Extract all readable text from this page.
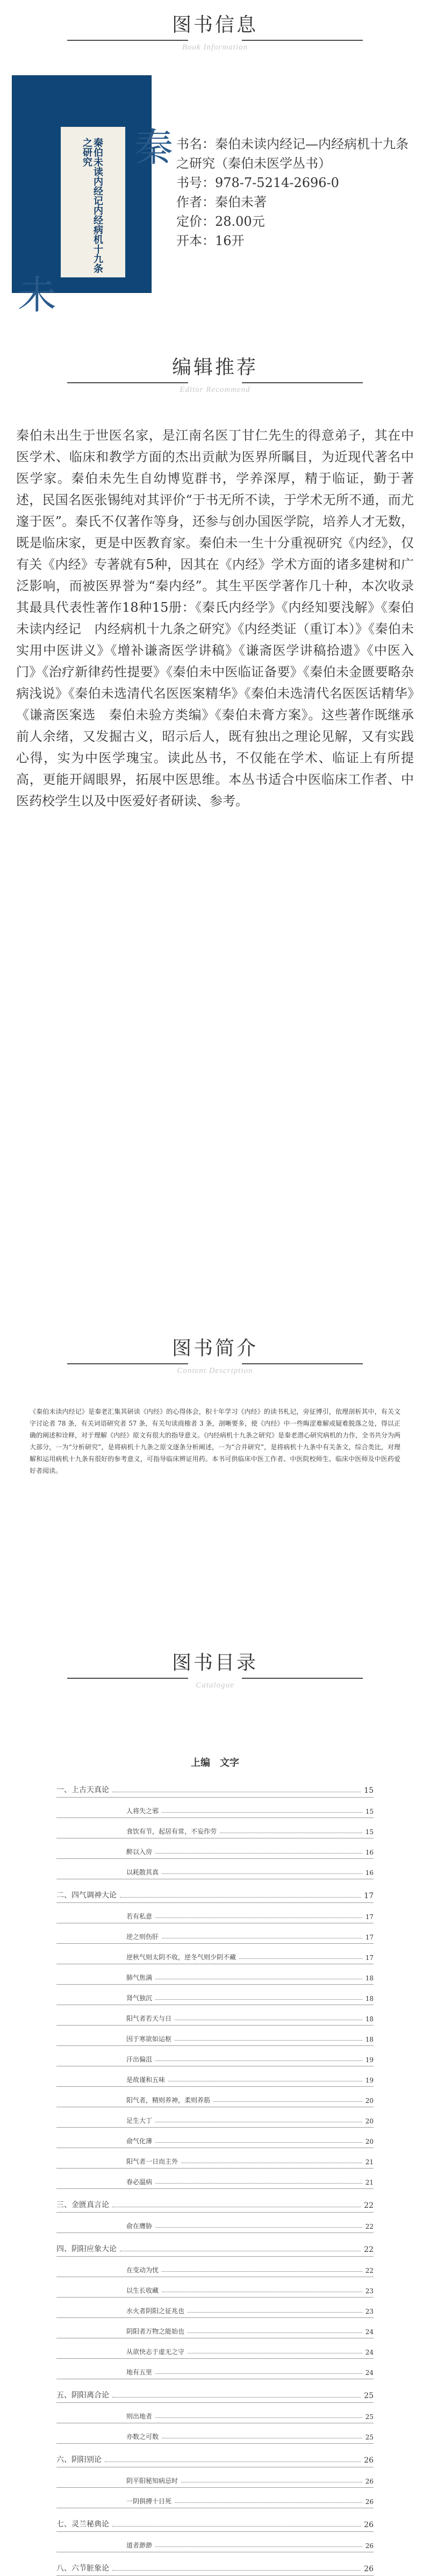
图书信息
Book Information
秦
未
秦伯未读内经记内经病机十九条之研究	书名：秦伯未读内经记—内经病机十九条之研究（秦伯未医学丛书）

书号：978-7-5214-2696-0

作者：秦伯未著

定价：28.00元

开本：16开

编辑推荐
Editor Recommend
秦伯未出生于世医名家，是江南名医丁甘仁先生的得意弟子，其在中医学术、临床和教学方面的杰出贡献为医界所瞩目，为近现代著名中医学家。秦伯未先生自幼博览群书，学养深厚，精于临证，勤于著述，民国名医张锡纯对其评价“于书无所不读，于学术无所不通，而尤邃于医”。秦氏不仅著作等身，还参与创办国医学院，培养人才无数，既是临床家，更是中医教育家。秦伯未一生十分重视研究《内经》，仅有关《内经》专著就有5种，因其在《内经》学术方面的诸多建树和广泛影响，而被医界誉为“秦内经”。其生平医学著作几十种，本次收录其最具代表性著作18种15册：《秦氏内经学》《内经知要浅解》《秦伯未读内经记　内经病机十九条之研究》《内经类证（重订本）》《秦伯未实用中医讲义》《增补谦斋医学讲稿》《谦斋医学讲稿拾遗》《中医入门》《治疗新律药性提要》《秦伯未中医临证备要》《秦伯未金匮要略杂病浅说》《秦伯未选清代名医医案精华》《秦伯未选清代名医医话精华》《谦斋医案选　秦伯未验方类编》《秦伯未膏方案》。这些著作既继承前人余绪，又发掘古义，昭示后人，既有独出之理论见解，又有实践心得，实为中医学瑰宝。读此丛书，不仅能在学术、临证上有所提高，更能开阔眼界，拓展中医思维。本丛书适合中医临床工作者、中医药校学生以及中医爱好者研读、参考。
图书简介
Content Description
《秦伯未读内经记》是秦老汇集其研读《内经》的心得体会，积十年学习《内经》的读书札记，旁征博引，依理剖析其中，有关文字讨论者 78 条，有关词语研究者 57 条，有关句读商榷者 3 条，剖晰要多，使《内经》中一些晦涩难解或疑难脱落之处，得以正确的阐述和诠释，对于理解《内经》原文有很大的指导意义。《内经病机十九条之研究》是秦老潜心研究病机的力作，全书共分为两大部分，一为“分析研究”，是将病机十九条之原文逐条分析阐述，一为“合并研究”，是将病机十九条中有关条文，综合类比，对理解和运用病机十九条有很好的参考意义，可指导临床辨证用药。本书可供临床中医工作者、中医院校师生、临床中医师及中医药爱好者阅读。
图书目录
Catalogue
上编　文字
一、上古天真论	15
人将失之邪	15
食饮有节，起居有常，不妄作劳	15
醉以入房	16
以耗散其真	16
二、四气调神大论	17
若有私意	17
逆之则伤肝	17
逆秋气则太阴不收，逆冬气则少阴不藏	17
肺气焦满	18
肾气独沉	18
阳气者若天与日	18
因于寒欲如运枢	18
汗出偏沮	19
是故谨和五味	19
阳气者，精则养神，柔则养筋	20
足生大丁	20
俞气化薄	20
阳气者一日而主外	21
春必温病	21
三、金匮真言论	22
俞在膺胁	22
四、阴阳应象大论	22
在变动为忧	22
以生长收藏	23
水火者阴阳之征兆也	23
阴阳者万物之能始也	24
从欲快志于虚无之守	24
地有五里	24
五、阴阳离合论	25
则出地者	25
亦数之可数	25
六、阴阳别论	26
阴平阳秘知病忌时	26
一阴俱搏十日死	26
七、灵兰秘典论	26
道者渺渺	26
八、六节脏象论	26
